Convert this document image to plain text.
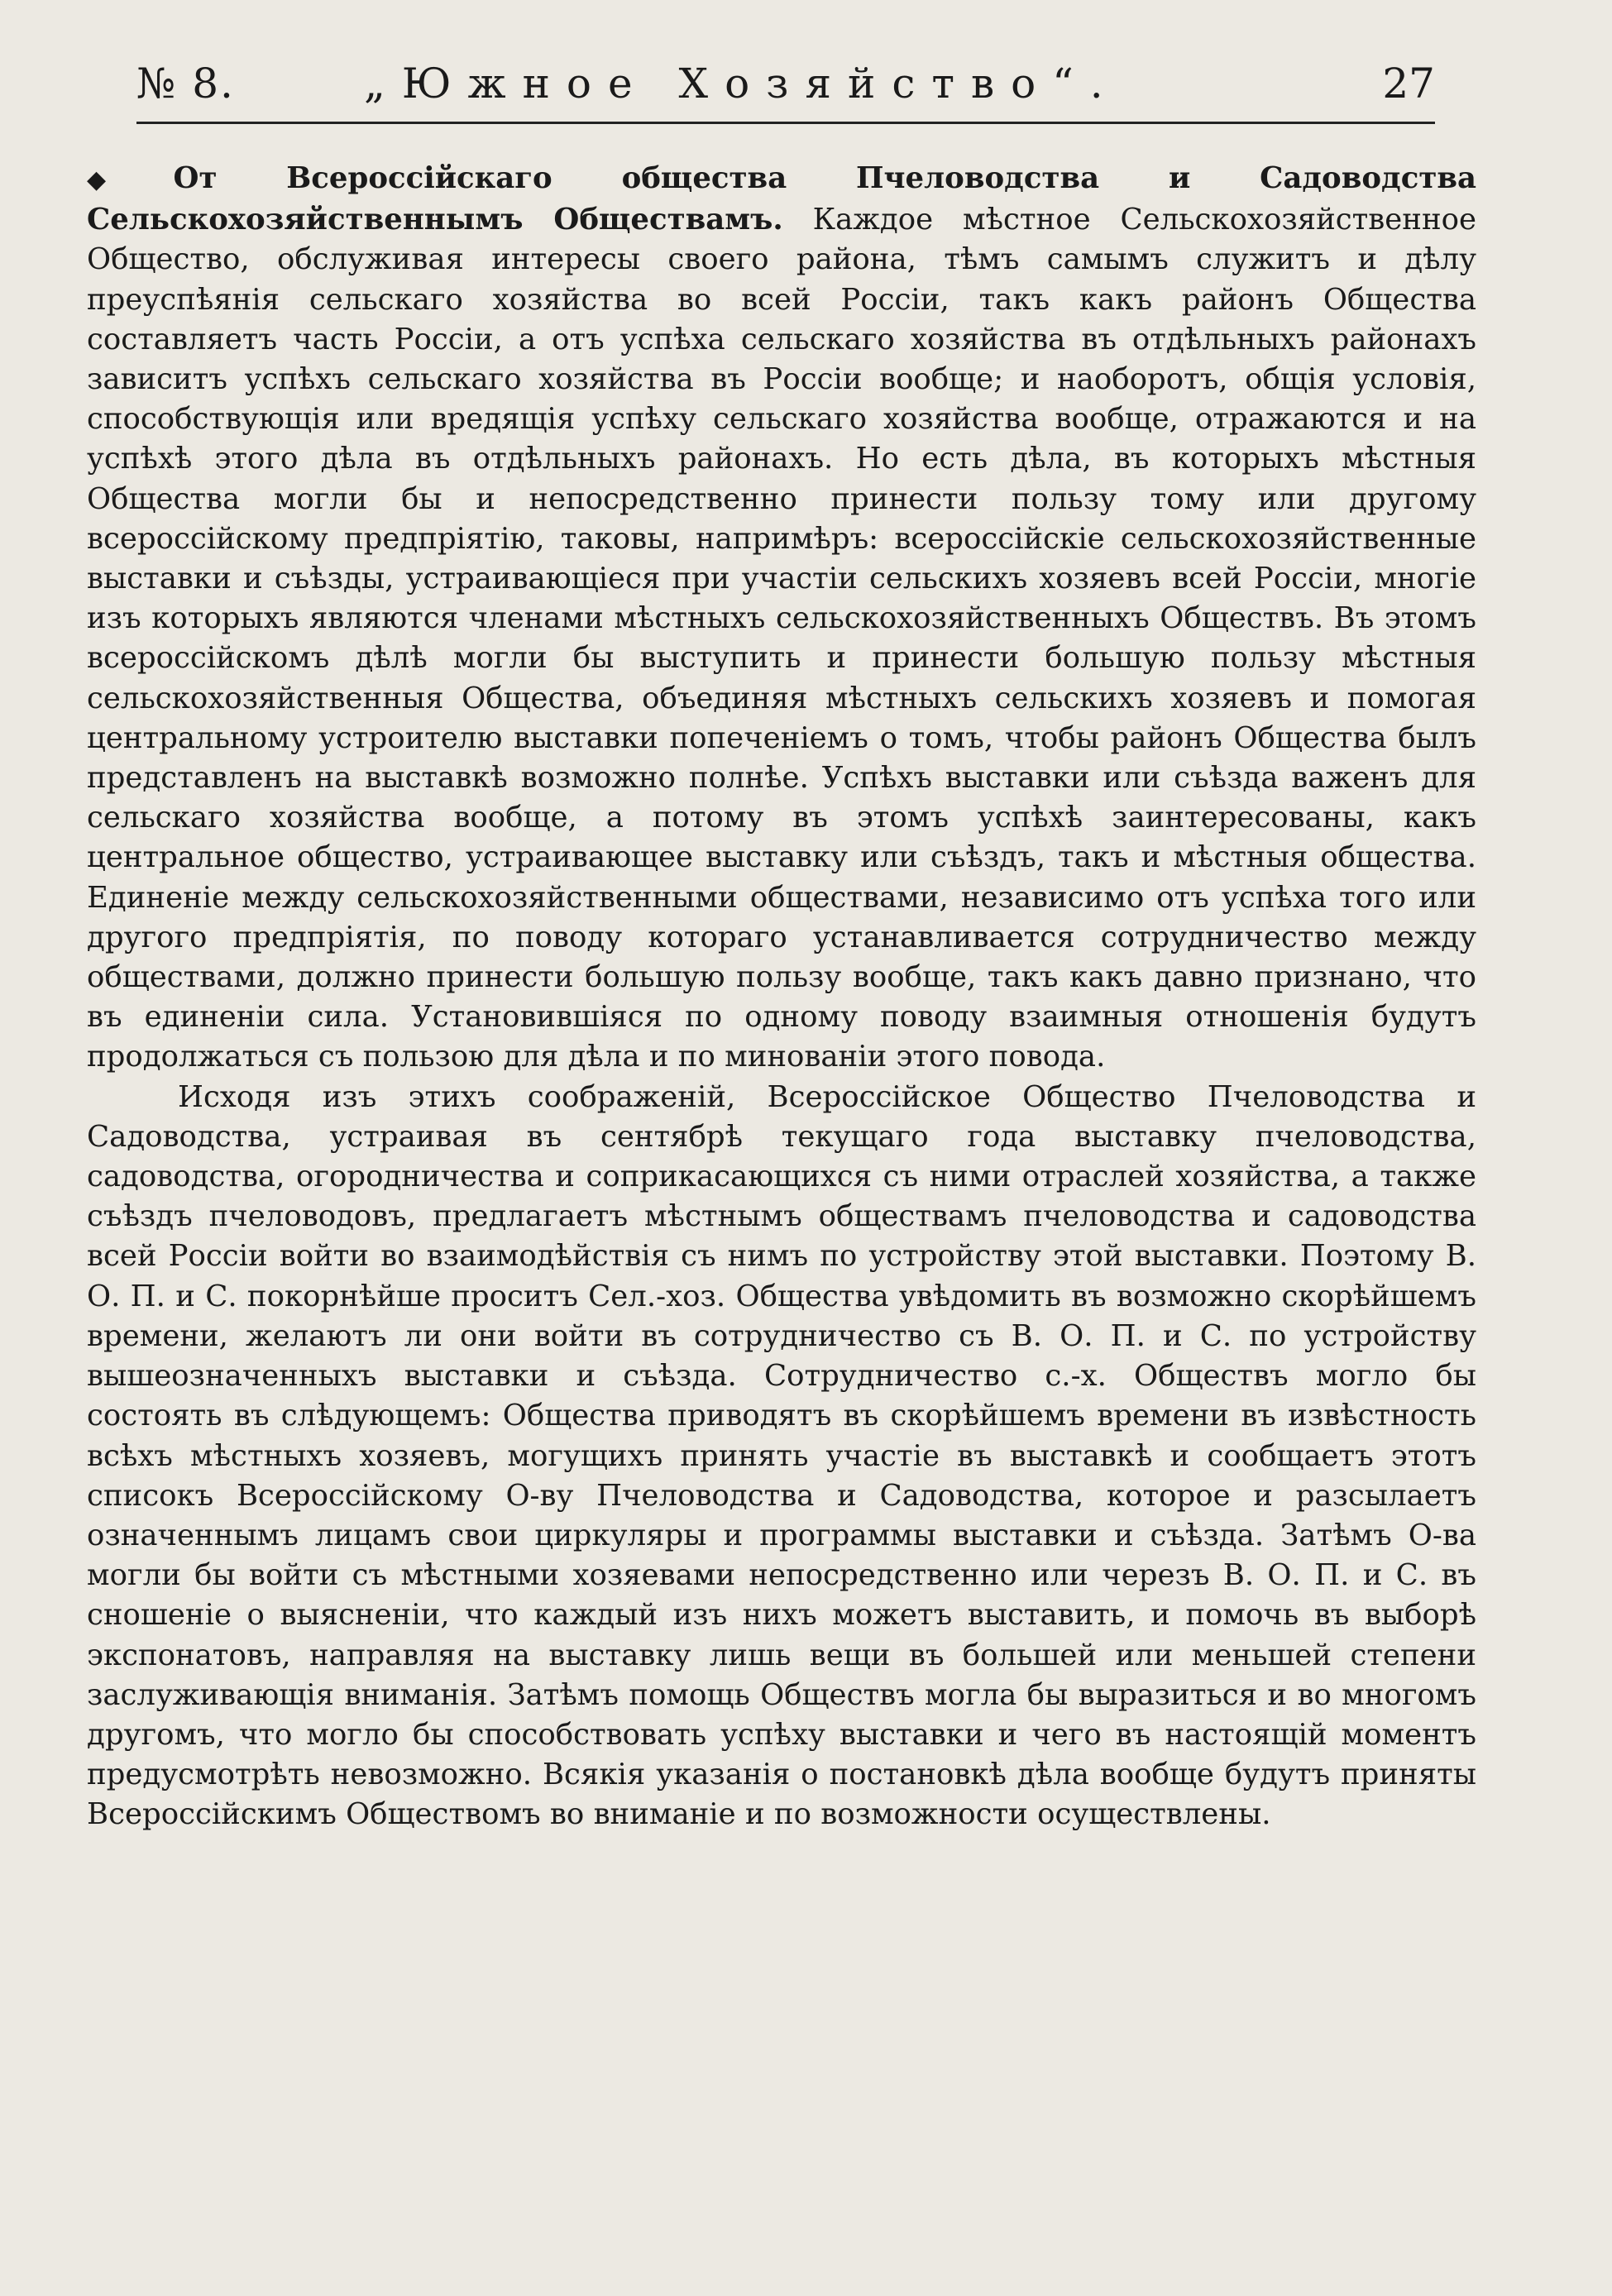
№ 8.	„Южное Хозяйство“.	27

◆ От Всероссійскаго общества Пчеловодства и Садоводства Сельскохозяйственнымъ Обществамъ. Каждое мѣстное Сельскохозяйственное Общество, обслуживая интересы своего района, тѣмъ самымъ служитъ и дѣлу преуспѣянія сельскаго хозяйства во всей Россіи, такъ какъ районъ Общества составляетъ часть Россіи, а отъ успѣха сельскаго хозяйства въ отдѣльныхъ районахъ зависитъ успѣхъ сельскаго хозяйства въ Россіи вообще; и наоборотъ, общія условія, способствующія или вредящія успѣху сельскаго хозяйства вообще, отражаются и на успѣхѣ этого дѣла въ отдѣльныхъ районахъ. Но есть дѣла, въ которыхъ мѣстныя Общества могли бы и непосредственно принести пользу тому или другому всероссійскому предпріятію, таковы, напримѣръ: всероссійскіе сельскохозяйственные выставки и съѣзды, устраивающіеся при участіи сельскихъ хозяевъ всей Россіи, многіе изъ которыхъ являются членами мѣстныхъ сельскохозяйственныхъ Обществъ. Въ этомъ всероссійскомъ дѣлѣ могли бы выступить и принести большую пользу мѣстныя сельскохозяйственныя Общества, объединяя мѣстныхъ сельскихъ хозяевъ и помогая центральному устроителю выставки попеченіемъ о томъ, чтобы районъ Общества былъ представленъ на выставкѣ возможно полнѣе. Успѣхъ выставки или съѣзда важенъ для сельскаго хозяйства вообще, а потому въ этомъ успѣхѣ заинтересованы, какъ центральное общество, устраивающее выставку или съѣздъ, такъ и мѣстныя общества. Единеніе между сельскохозяйственными обществами, независимо отъ успѣха того или другого предпріятія, по поводу котораго устанавливается сотрудничество между обществами, должно принести большую пользу вообще, такъ какъ давно признано, что въ единеніи сила. Установившіяся по одному поводу взаимныя отношенія будутъ продолжаться съ пользою для дѣла и по минованіи этого повода.

Исходя изъ этихъ соображеній, Всероссійское Общество Пчеловодства и Садоводства, устраивая въ сентябрѣ текущаго года выставку пчеловодства, садоводства, огородничества и соприкасающихся съ ними отраслей хозяйства, а также съѣздъ пчеловодовъ, предлагаетъ мѣстнымъ обществамъ пчеловодства и садоводства всей Россіи войти во взаимодѣйствія съ нимъ по устройству этой выставки. Поэтому В. О. П. и С. покорнѣйше проситъ Сел.-хоз. Общества увѣдомить въ возможно скорѣйшемъ времени, желаютъ ли они войти въ сотрудничество съ В. О. П. и С. по устройству вышеозначенныхъ выставки и съѣзда. Сотрудничество с.-х. Обществъ могло бы состоять въ слѣдующемъ: Общества приводятъ въ скорѣйшемъ времени въ извѣстность всѣхъ мѣстныхъ хозяевъ, могущихъ принять участіе въ выставкѣ и сообщаетъ этотъ списокъ Всероссійскому О-ву Пчеловодства и Садоводства, которое и разсылаетъ означеннымъ лицамъ свои циркуляры и программы выставки и съѣзда. Затѣмъ О-ва могли бы войти съ мѣстными хозяевами непосредственно или черезъ В. О. П. и С. въ сношеніе о выясненіи, что каждый изъ нихъ можетъ выставить, и помочь въ выборѣ экспонатовъ, направляя на выставку лишь вещи въ большей или меньшей степени заслуживающія вниманія. Затѣмъ помощь Обществъ могла бы выразиться и во многомъ другомъ, что могло бы способствовать успѣху выставки и чего въ настоящій моментъ предусмотрѣть невозможно. Всякія указанія о постановкѣ дѣла вообще будутъ приняты Всероссійскимъ Обществомъ во вниманіе и по возможности осуществлены.
